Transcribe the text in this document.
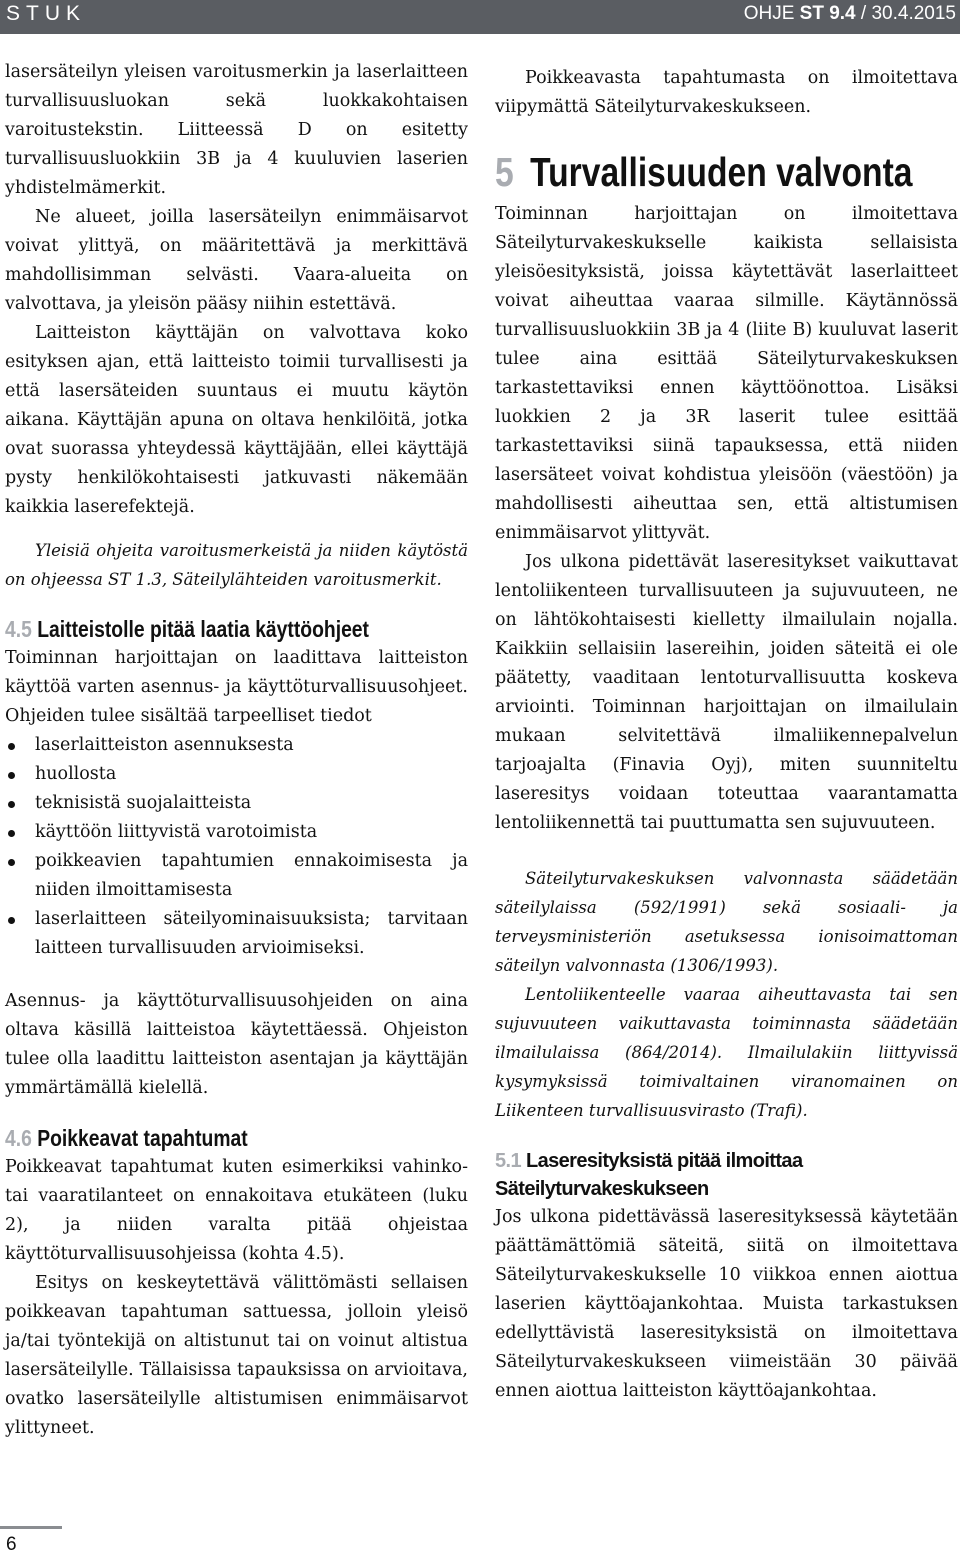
STUK	OHJE ST 9.4 / 30.4.2015

lasersäteilyn yleisen varoitusmerkin ja laserlaitteen turvallisuusluokan sekä luokkakohtaisen varoitustekstin. Liitteessä D on esitetty turvallisuusluokkiin 3B ja 4 kuuluvien laserien yhdistelmämerkit.

Ne alueet, joilla lasersäteilyn enimmäisarvot voivat ylittyä, on määritettävä ja merkittävä mahdollisimman selvästi. Vaara-alueita on valvottava, ja yleisön pääsy niihin estettävä.

Laitteiston käyttäjän on valvottava koko esityksen ajan, että laitteisto toimii turvallisesti ja että lasersäteiden suuntaus ei muutu käytön aikana. Käyttäjän apuna on oltava henkilöitä, jotka ovat suorassa yhteydessä käyttäjään, ellei käyttäjä pysty henkilökohtaisesti jatkuvasti näkemään kaikkia laserefektejä.

Yleisiä ohjeita varoitusmerkeistä ja niiden käytöstä on ohjeessa ST 1.3, Säteilylähteiden varoitusmerkit.

4.5 Laitteistolle pitää laatia käyttöohjeet

Toiminnan harjoittajan on laadittava laitteiston käyttöä varten asennus- ja käyttöturvallisuusohjeet. Ohjeiden tulee sisältää tarpeelliset tiedot

laserlaitteiston asennuksesta
huollosta
teknisistä suojalaitteista
käyttöön liittyvistä varotoimista
poikkeavien tapahtumien ennakoimisesta ja niiden ilmoittamisesta
laserlaitteen säteilyominaisuuksista; tarvitaan laitteen turvallisuuden arvioimiseksi.

Asennus- ja käyttöturvallisuusohjeiden on aina oltava käsillä laitteistoa käytettäessä. Ohjeiston tulee olla laadittu laitteiston asentajan ja käyttäjän ymmärtämällä kielellä.

4.6 Poikkeavat tapahtumat

Poikkeavat tapahtumat kuten esimerkiksi vahinko- tai vaaratilanteet on ennakoitava etukäteen (luku 2), ja niiden varalta pitää ohjeistaa käyttöturvallisuusohjeissa (kohta 4.5).

Esitys on keskeytettävä välittömästi sellaisen poikkeavan tapahtuman sattuessa, jolloin yleisö ja/tai työntekijä on altistunut tai on voinut altistua lasersäteilylle. Tällaisissa tapauksissa on arvioitava, ovatko lasersäteilylle altistumisen enimmäisarvot ylittyneet.

Poikkeavasta tapahtumasta on ilmoitettava viipymättä Säteilyturvakeskukseen.

5 Turvallisuuden valvonta

Toiminnan harjoittajan on ilmoitettava Säteilyturvakeskukselle kaikista sellaisista yleisöesityksistä, joissa käytettävät laserlaitteet voivat aiheuttaa vaaraa silmille. Käytännössä turvallisuusluokkiin 3B ja 4 (liite B) kuuluvat laserit tulee aina esittää Säteilyturvakeskuksen tarkastettaviksi ennen käyttöönottoa. Lisäksi luokkien 2 ja 3R laserit tulee esittää tarkastettaviksi siinä tapauksessa, että niiden lasersäteet voivat kohdistua yleisöön (väestöön) ja mahdollisesti aiheuttaa sen, että altistumisen enimmäisarvot ylittyvät.

Jos ulkona pidettävät laseresitykset vaikuttavat lentoliikenteen turvallisuuteen ja sujuvuuteen, ne on lähtökohtaisesti kielletty ilmailulain nojalla. Kaikkiin sellaisiin lasereihin, joiden säteitä ei ole päätetty, vaaditaan lentoturvallisuutta koskeva arviointi. Toiminnan harjoittajan on ilmailulain mukaan selvitettävä ilmaliikennepalvelun tarjoajalta (Finavia Oyj), miten suunniteltu laseresitys voidaan toteuttaa vaarantamatta lentoliikennettä tai puuttumatta sen sujuvuuteen.

Säteilyturvakeskuksen valvonnasta säädetään säteilylaissa (592/1991) sekä sosiaali- ja terveysministeriön asetuksessa ionisoimattoman säteilyn valvonnasta (1306/1993).

Lentoliikenteelle vaaraa aiheuttavasta tai sen sujuvuuteen vaikuttavasta toiminnasta säädetään ilmailulaissa (864/2014). Ilmailulakiin liittyvissä kysymyksissä toimivaltainen viranomainen on Liikenteen turvallisuusvirasto (Trafi).

5.1 Laseresityksistä pitää ilmoittaa Säteilyturvakeskukseen

Jos ulkona pidettävässä laseresityksessä käytetään päättämättömiä säteitä, siitä on ilmoitettava Säteilyturvakeskukselle 10 viikkoa ennen aiottua laserien käyttöajankohtaa. Muista tarkastuksen edellyttävistä laseresityksistä on ilmoitettava Säteilyturvakeskukseen viimeistään 30 päivää ennen aiottua laitteiston käyttöajankohtaa.

6
